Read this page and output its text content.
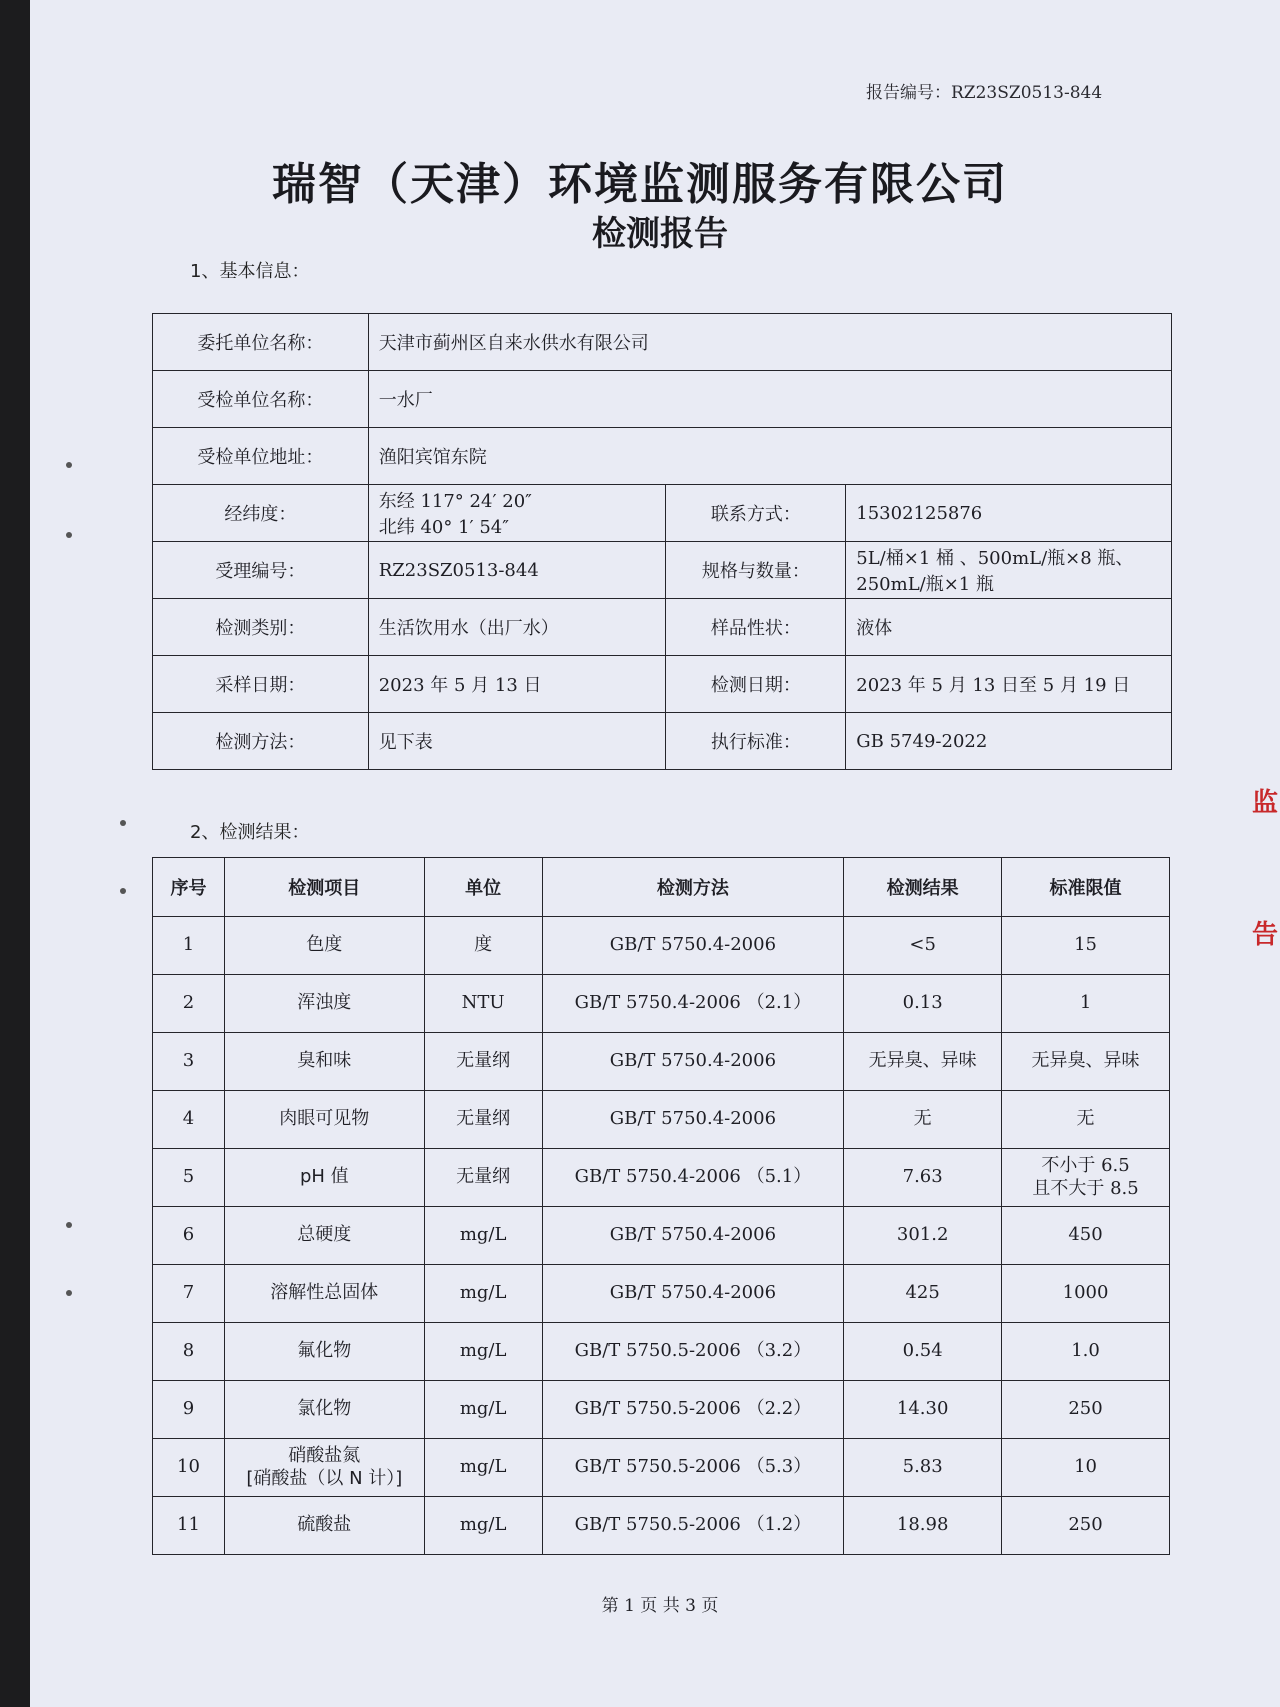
报告编号：RZ23SZ0513-844
瑞智（天津）环境监测服务有限公司
检测报告
1、基本信息：
委托单位名称：	天津市蓟州区自来水供水有限公司		
受检单位名称：	一水厂		
受检单位地址：	渔阳宾馆东院		
经纬度：	东经 117° 24′ 20″
北纬 40° 1′ 54″	联系方式：	15302125876
受理编号：	RZ23SZ0513-844	规格与数量：	5L/桶×1 桶 、500mL/瓶×8 瓶、
250mL/瓶×1 瓶

检测类别：	生活饮用水（出厂水）	样品性状：	液体
采样日期：	2023 年 5 月 13 日	检测日期：	2023 年 5 月 13 日至 5 月 19 日
检测方法：	见下表	执行标准：	GB 5749-2022
2、检测结果：
序号	检测项目	单位	检测方法	检测结果	标准限值
1	色度	度	GB/T 5750.4-2006	<5	15
2	浑浊度	NTU	GB/T 5750.4-2006 （2.1）	0.13	1
3	臭和味	无量纲	GB/T 5750.4-2006	无异臭、异味	无异臭、异味
4	肉眼可见物	无量纲	GB/T 5750.4-2006	无	无
5	pH 值	无量纲	GB/T 5750.4-2006 （5.1）	7.63	不小于 6.5
且不大于 8.5
6	总硬度	mg/L	GB/T 5750.4-2006	301.2	450
7	溶解性总固体	mg/L	GB/T 5750.4-2006	425	1000
8	氟化物	mg/L	GB/T 5750.5-2006 （3.2）	0.54	1.0
9	氯化物	mg/L	GB/T 5750.5-2006 （2.2）	14.30	250
10	硝酸盐氮
[硝酸盐（以 N 计）]	mg/L	GB/T 5750.5-2006 （5.3）	5.83	10
11	硫酸盐	mg/L	GB/T 5750.5-2006 （1.2）	18.98	250
第 1 页 共 3 页
监

告
